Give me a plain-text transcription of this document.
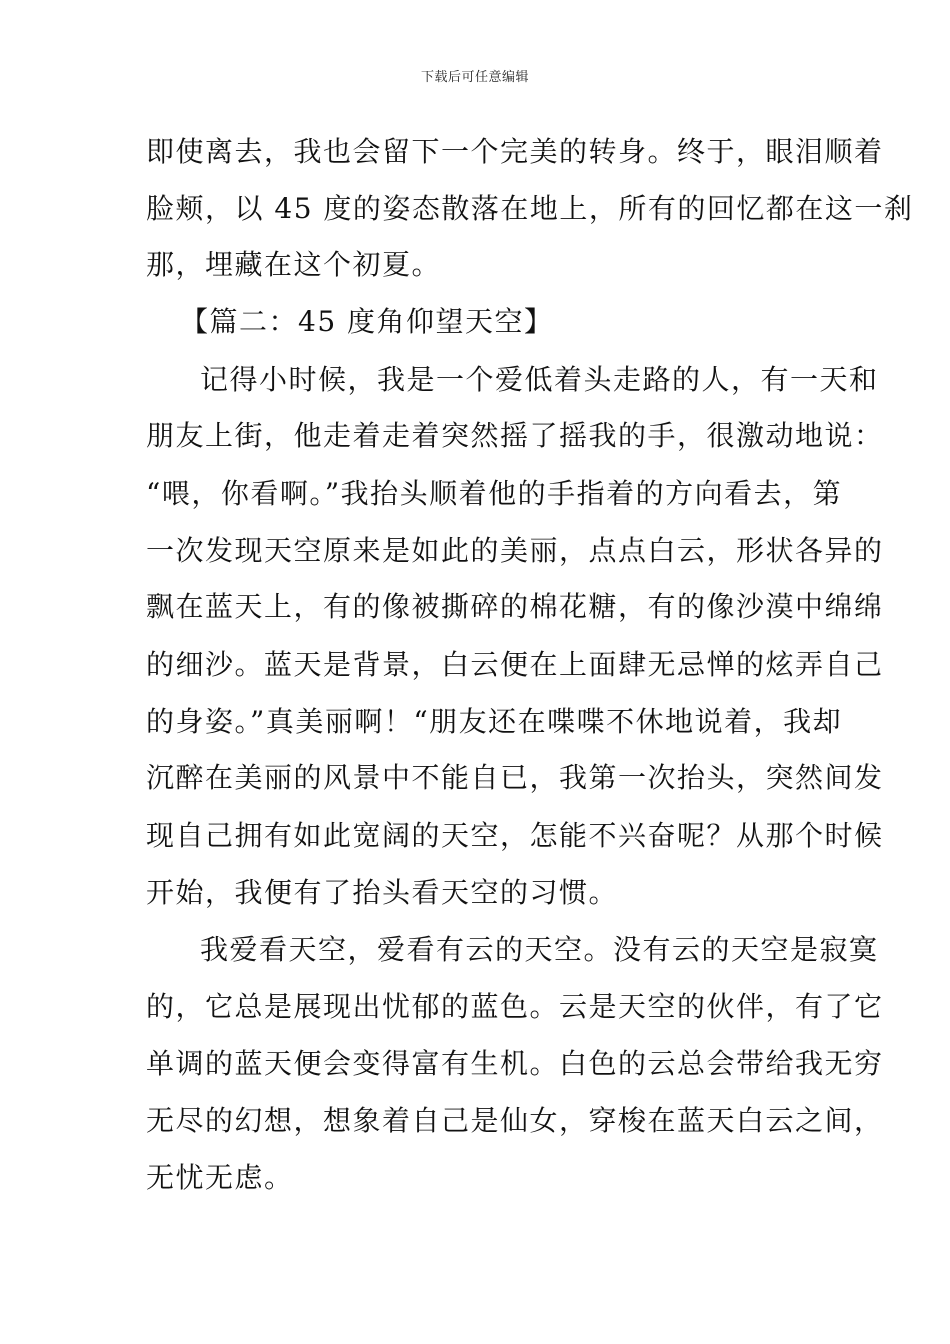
下载后可任意编辑
即使离去，我也会留下一个完美的转身。终于，眼泪顺着
脸颊，以 45 度的姿态散落在地上，所有的回忆都在这一刹
那，埋藏在这个初夏。
【篇二：45 度角仰望天空】
记得小时候，我是一个爱低着头走路的人，有一天和
朋友上街，他走着走着突然摇了摇我的手，很激动地说：
“喂，你看啊。”我抬头顺着他的手指着的方向看去，第
一次发现天空原来是如此的美丽，点点白云，形状各异的
飘在蓝天上，有的像被撕碎的棉花糖，有的像沙漠中绵绵
的细沙。蓝天是背景，白云便在上面肆无忌惮的炫弄自己
的身姿。”真美丽啊！“朋友还在喋喋不休地说着，我却
沉醉在美丽的风景中不能自已，我第一次抬头，突然间发
现自己拥有如此宽阔的天空，怎能不兴奋呢？从那个时候
开始，我便有了抬头看天空的习惯。
我爱看天空，爱看有云的天空。没有云的天空是寂寞
的，它总是展现出忧郁的蓝色。云是天空的伙伴，有了它
单调的蓝天便会变得富有生机。白色的云总会带给我无穷
无尽的幻想，想象着自己是仙女，穿梭在蓝天白云之间，
无忧无虑。
